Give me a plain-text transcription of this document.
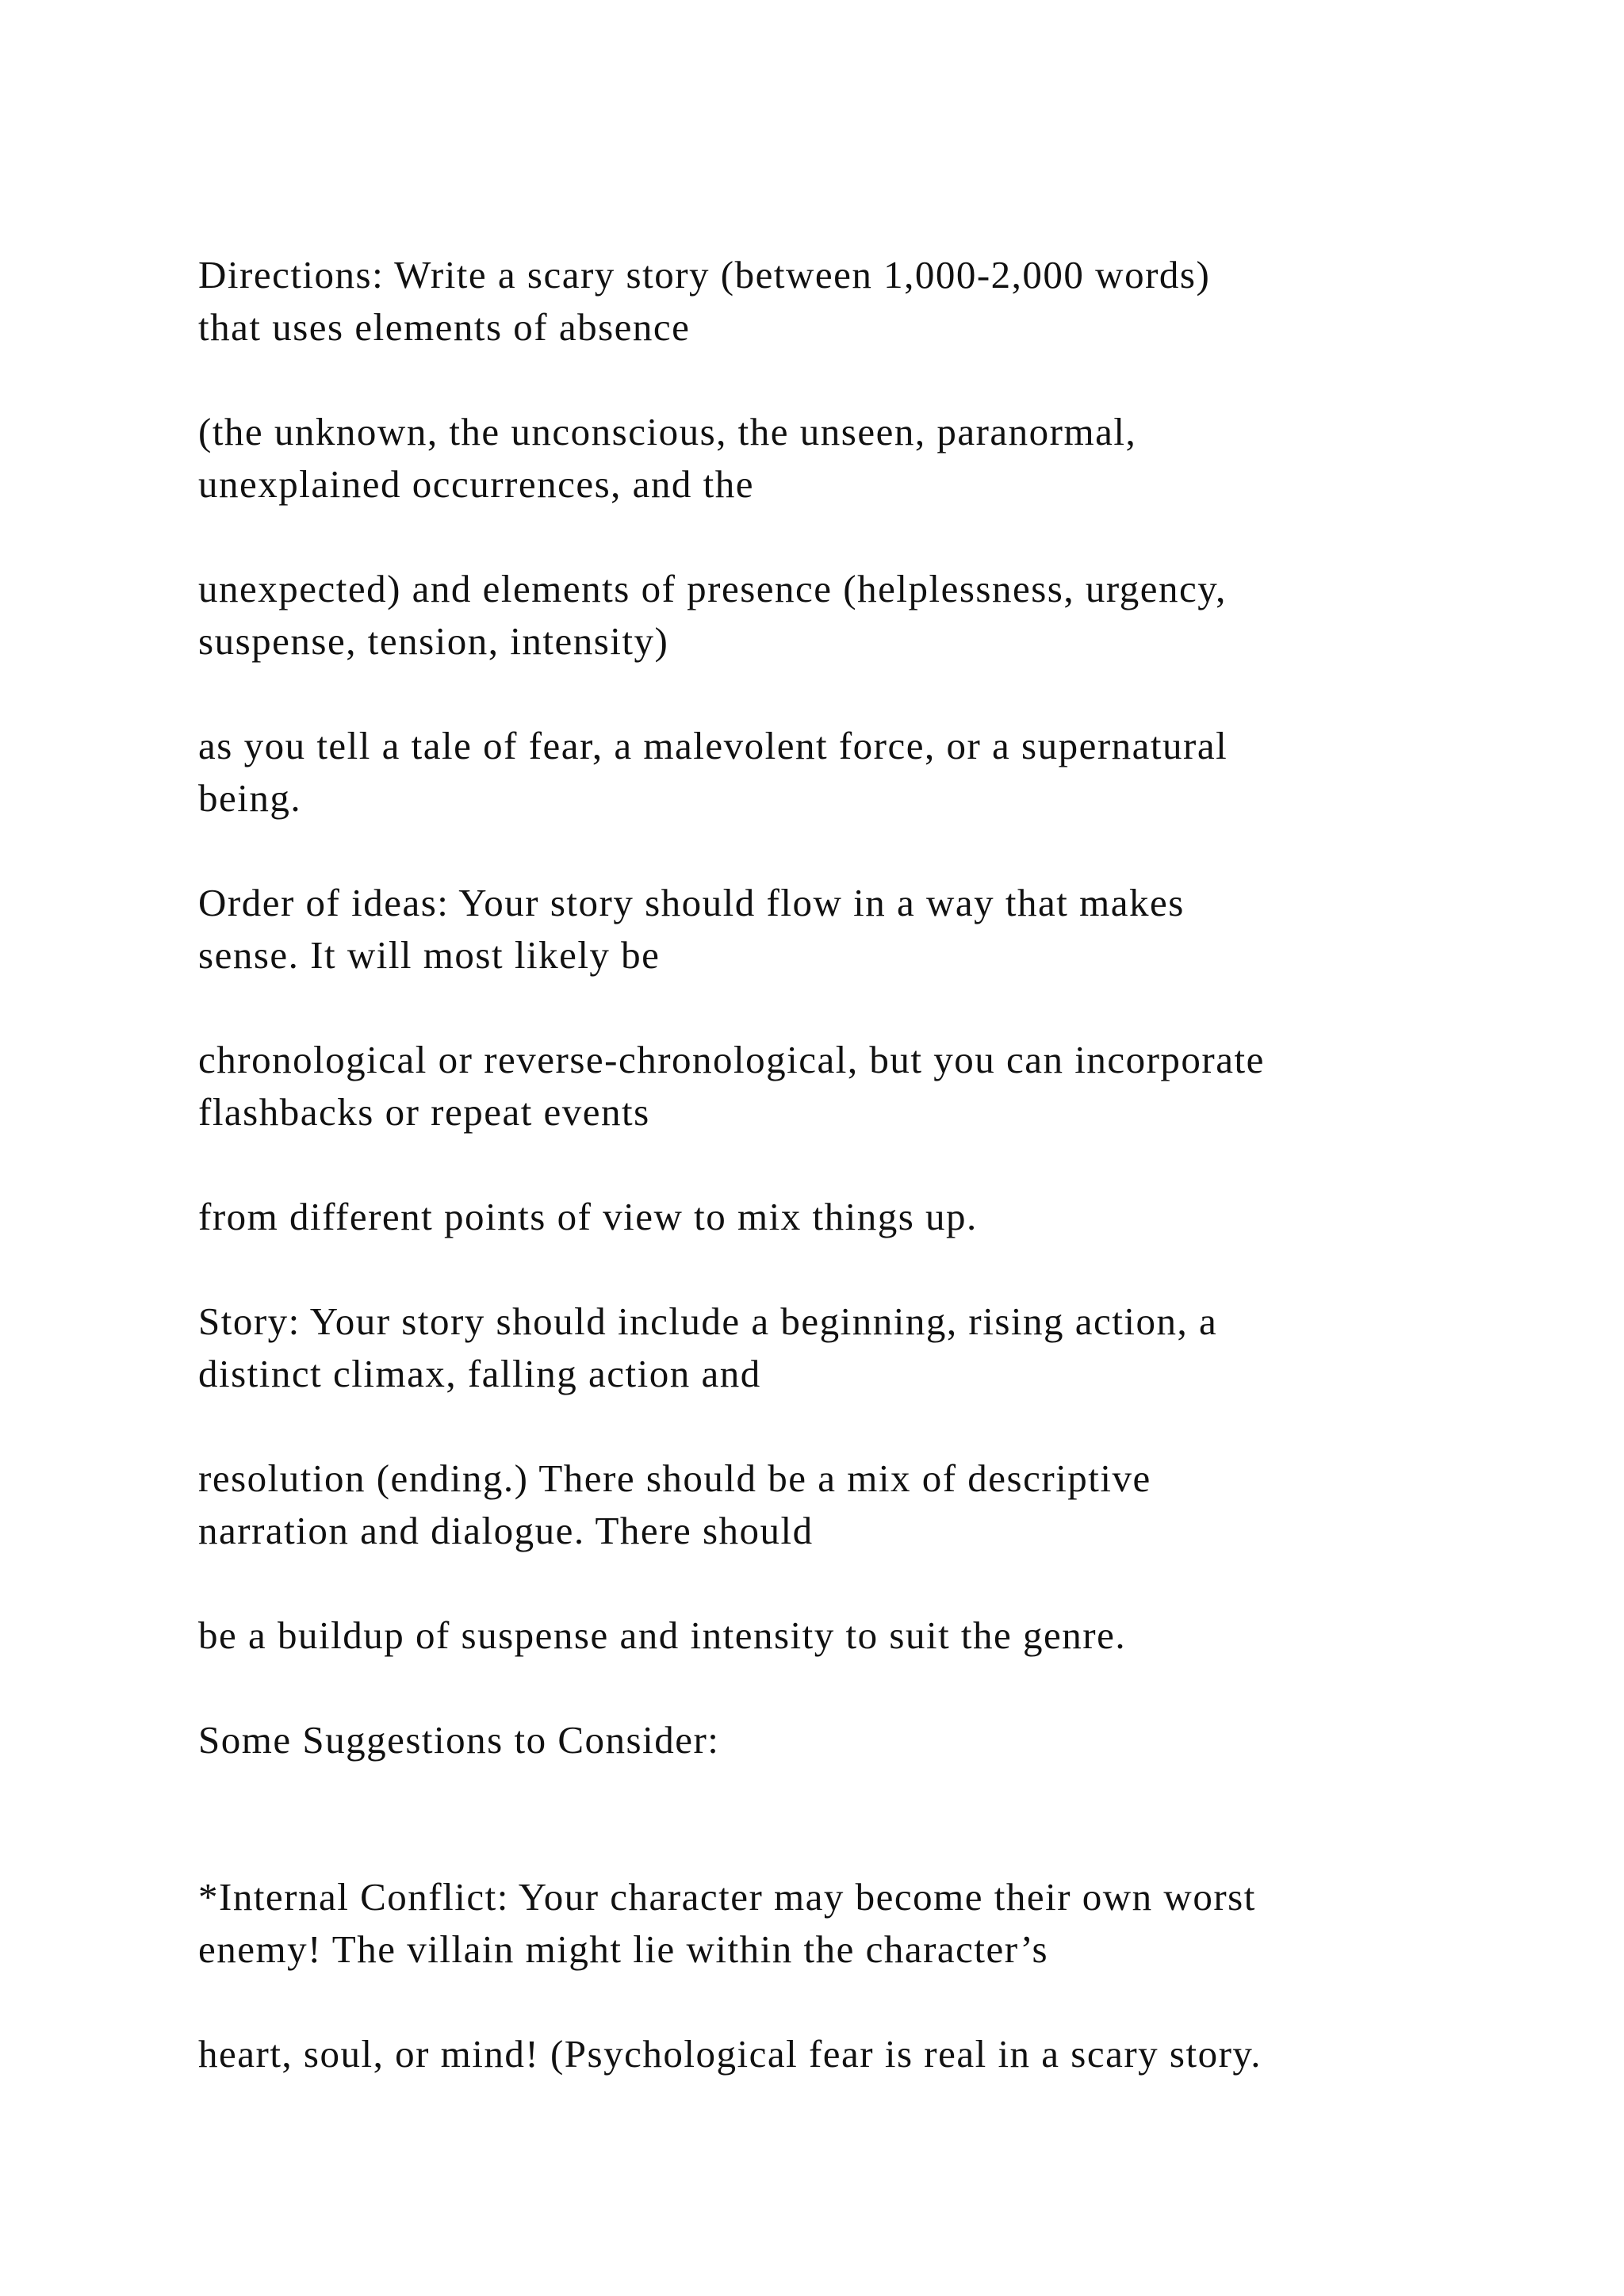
Directions: Write a scary story (between 1,000-2,000 words)
that uses elements of absence

(the unknown, the unconscious, the unseen, paranormal,
unexplained occurrences, and the

unexpected) and elements of presence (helplessness, urgency,
suspense, tension, intensity)

as you tell a tale of fear, a malevolent force, or a supernatural
being.

Order of ideas: Your story should flow in a way that makes
sense. It will most likely be

chronological or reverse-chronological, but you can incorporate
flashbacks or repeat events

from different points of view to mix things up.

Story: Your story should include a beginning, rising action, a
distinct climax, falling action and

resolution (ending.) There should be a mix of descriptive
narration and dialogue. There should

be a buildup of suspense and intensity to suit the genre.

Some Suggestions to Consider:

*Internal Conflict: Your character may become their own worst
enemy! The villain might lie within the character’s

heart, soul, or mind! (Psychological fear is real in a scary story.
